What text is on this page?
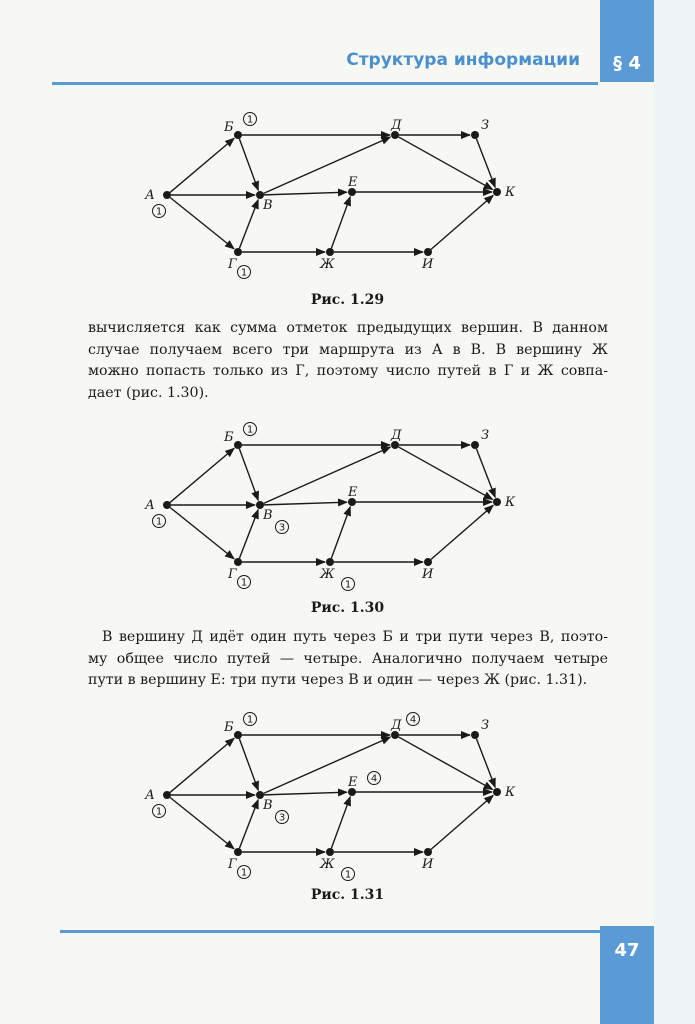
Структура информации § 4
А
Б
В
Г
Д
Е
Ж
З
И
К
1
1
1
Рис. 1.29
вычисляется как сумма отметок предыдущих вершин. В данном
случае получаем всего три маршрута из А в В. В вершину Ж
можно попасть только из Г, поэтому число путей в Г и Ж совпа-
дает (рис. 1.30).
А
Б
В
Г
Д
Е
Ж
З
И
К
1
1
3
1	1
Рис. 1.30
В вершину Д идёт один путь через Б и три пути через В, поэто-
му общее число путей — четыре. Аналогично получаем четыре
пути в вершину Е: три пути через В и один — через Ж (рис. 1.31).
А
Б
В
Г
Д
Е
Ж
З
И
К
1
1
3
1	1
4
4
Рис. 1.31
47
